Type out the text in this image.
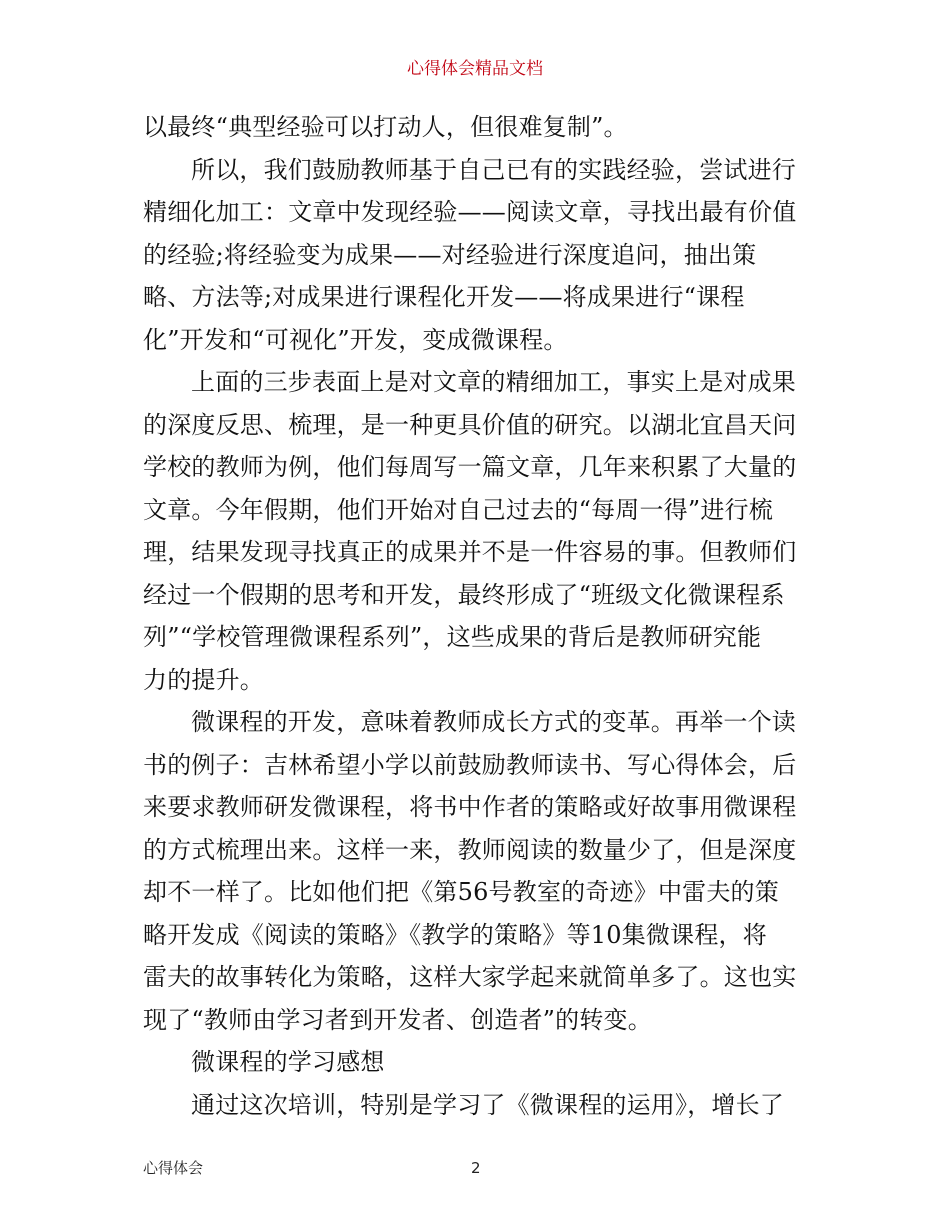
心得体会精品文档
以最终“典型经验可以打动人，但很难复制”。
所以，我们鼓励教师基于自己已有的实践经验，尝试进行
精细化加工：文章中发现经验——阅读文章，寻找出最有价值
的经验;将经验变为成果——对经验进行深度追问，抽出策
略、方法等;对成果进行课程化开发——将成果进行“课程
化”开发和“可视化”开发，变成微课程。
上面的三步表面上是对文章的精细加工，事实上是对成果
的深度反思、梳理，是一种更具价值的研究。以湖北宜昌天问
学校的教师为例，他们每周写一篇文章，几年来积累了大量的
文章。今年假期，他们开始对自己过去的“每周一得”进行梳
理，结果发现寻找真正的成果并不是一件容易的事。但教师们
经过一个假期的思考和开发，最终形成了“班级文化微课程系
列”“学校管理微课程系列”，这些成果的背后是教师研究能
力的提升。
微课程的开发，意味着教师成长方式的变革。再举一个读
书的例子：吉林希望小学以前鼓励教师读书、写心得体会，后
来要求教师研发微课程，将书中作者的策略或好故事用微课程
的方式梳理出来。这样一来，教师阅读的数量少了，但是深度
却不一样了。比如他们把《第56号教室的奇迹》中雷夫的策
略开发成《阅读的策略》《教学的策略》等10集微课程，将
雷夫的故事转化为策略，这样大家学起来就简单多了。这也实
现了“教师由学习者到开发者、创造者”的转变。
微课程的学习感想
通过这次培训，特别是学习了《微课程的运用》，增长了
心得体会	2
